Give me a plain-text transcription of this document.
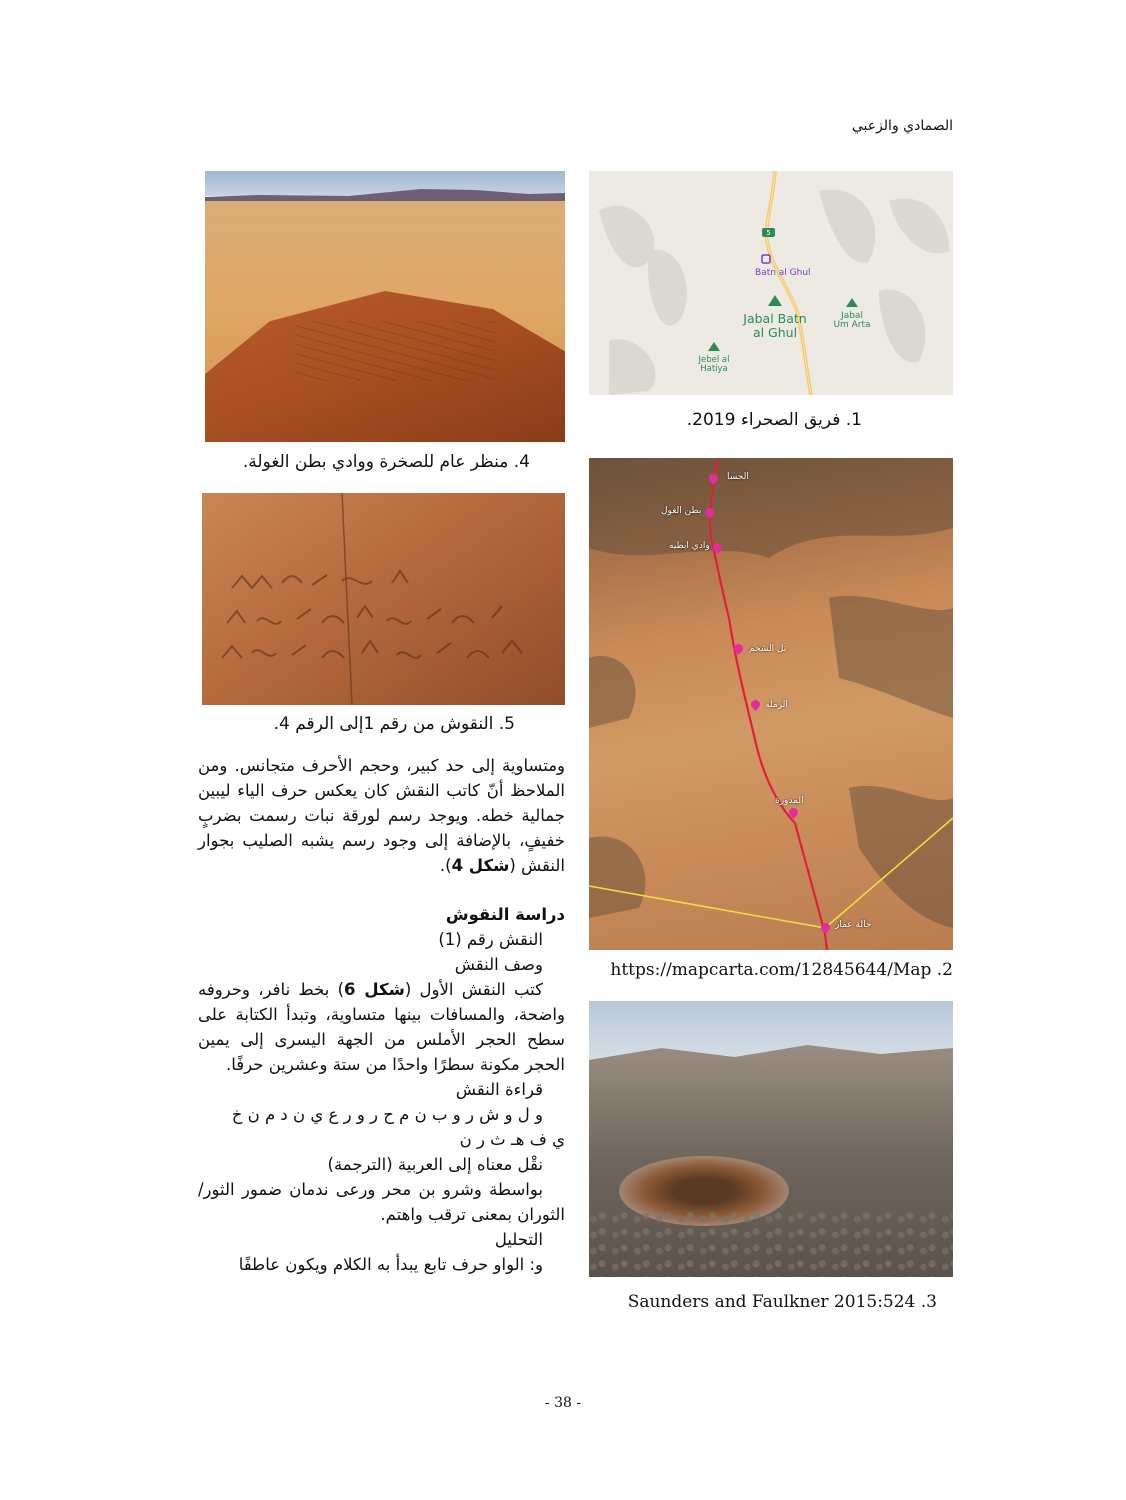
الصمادي والزعبي
5
Batn al Ghul
Jabal Batn al Ghul
Jabal Um Arta
Jebel al Hatiya
1. فريق الصحراء 2019.
الحسا
بطن الغول
وادي ابطيه
تل الشحم
الرملة
المدورة
حالة عمار
https://mapcarta.com/12845644/Map .2
Saunders and Faulkner 2015:524 .3
4. منظر عام للصخرة ووادي بطن الغولة.
5. النقوش من رقم 1إلى الرقم 4.
ومتساوية إلى حد كبير، وحجم الأحرف متجانس. ومن الملاحظ أنّ كاتب النقش كان يعكس حرف الياء ليبين جمالية خطه. ويوجد رسم لورقة نبات رسمت بضربٍ خفيفٍ، بالإضافة إلى وجود رسم يشبه الصليب بجوار النقش (شكل 4).
دراسة النقوش
النقش رقم (1)
وصف النقش
كتب النقش الأول (شكل 6) بخط نافر، وحروفه واضحة، والمسافات بينها متساوية، وتبدأ الكتابة على سطح الحجر الأملس من الجهة اليسرى إلى يمين الحجر مكونة سطرًا واحدًا من ستة وعشرين حرفًا.
قراءة النقش
و ل و ش ر و ب ن م ح ر و ر ع ي ن د م ن خ
ي ف هـ ث ر ن
نقْل معناه إلى العربية (الترجمة)
بواسطة وشرو بن محر ورعى ندمان ضمور الثور/ الثوران بمعنى ترقب واهتم.
التحليل
و: الواو حرف تابع يبدأ به الكلام ويكون عاطفًا
- 38 -
